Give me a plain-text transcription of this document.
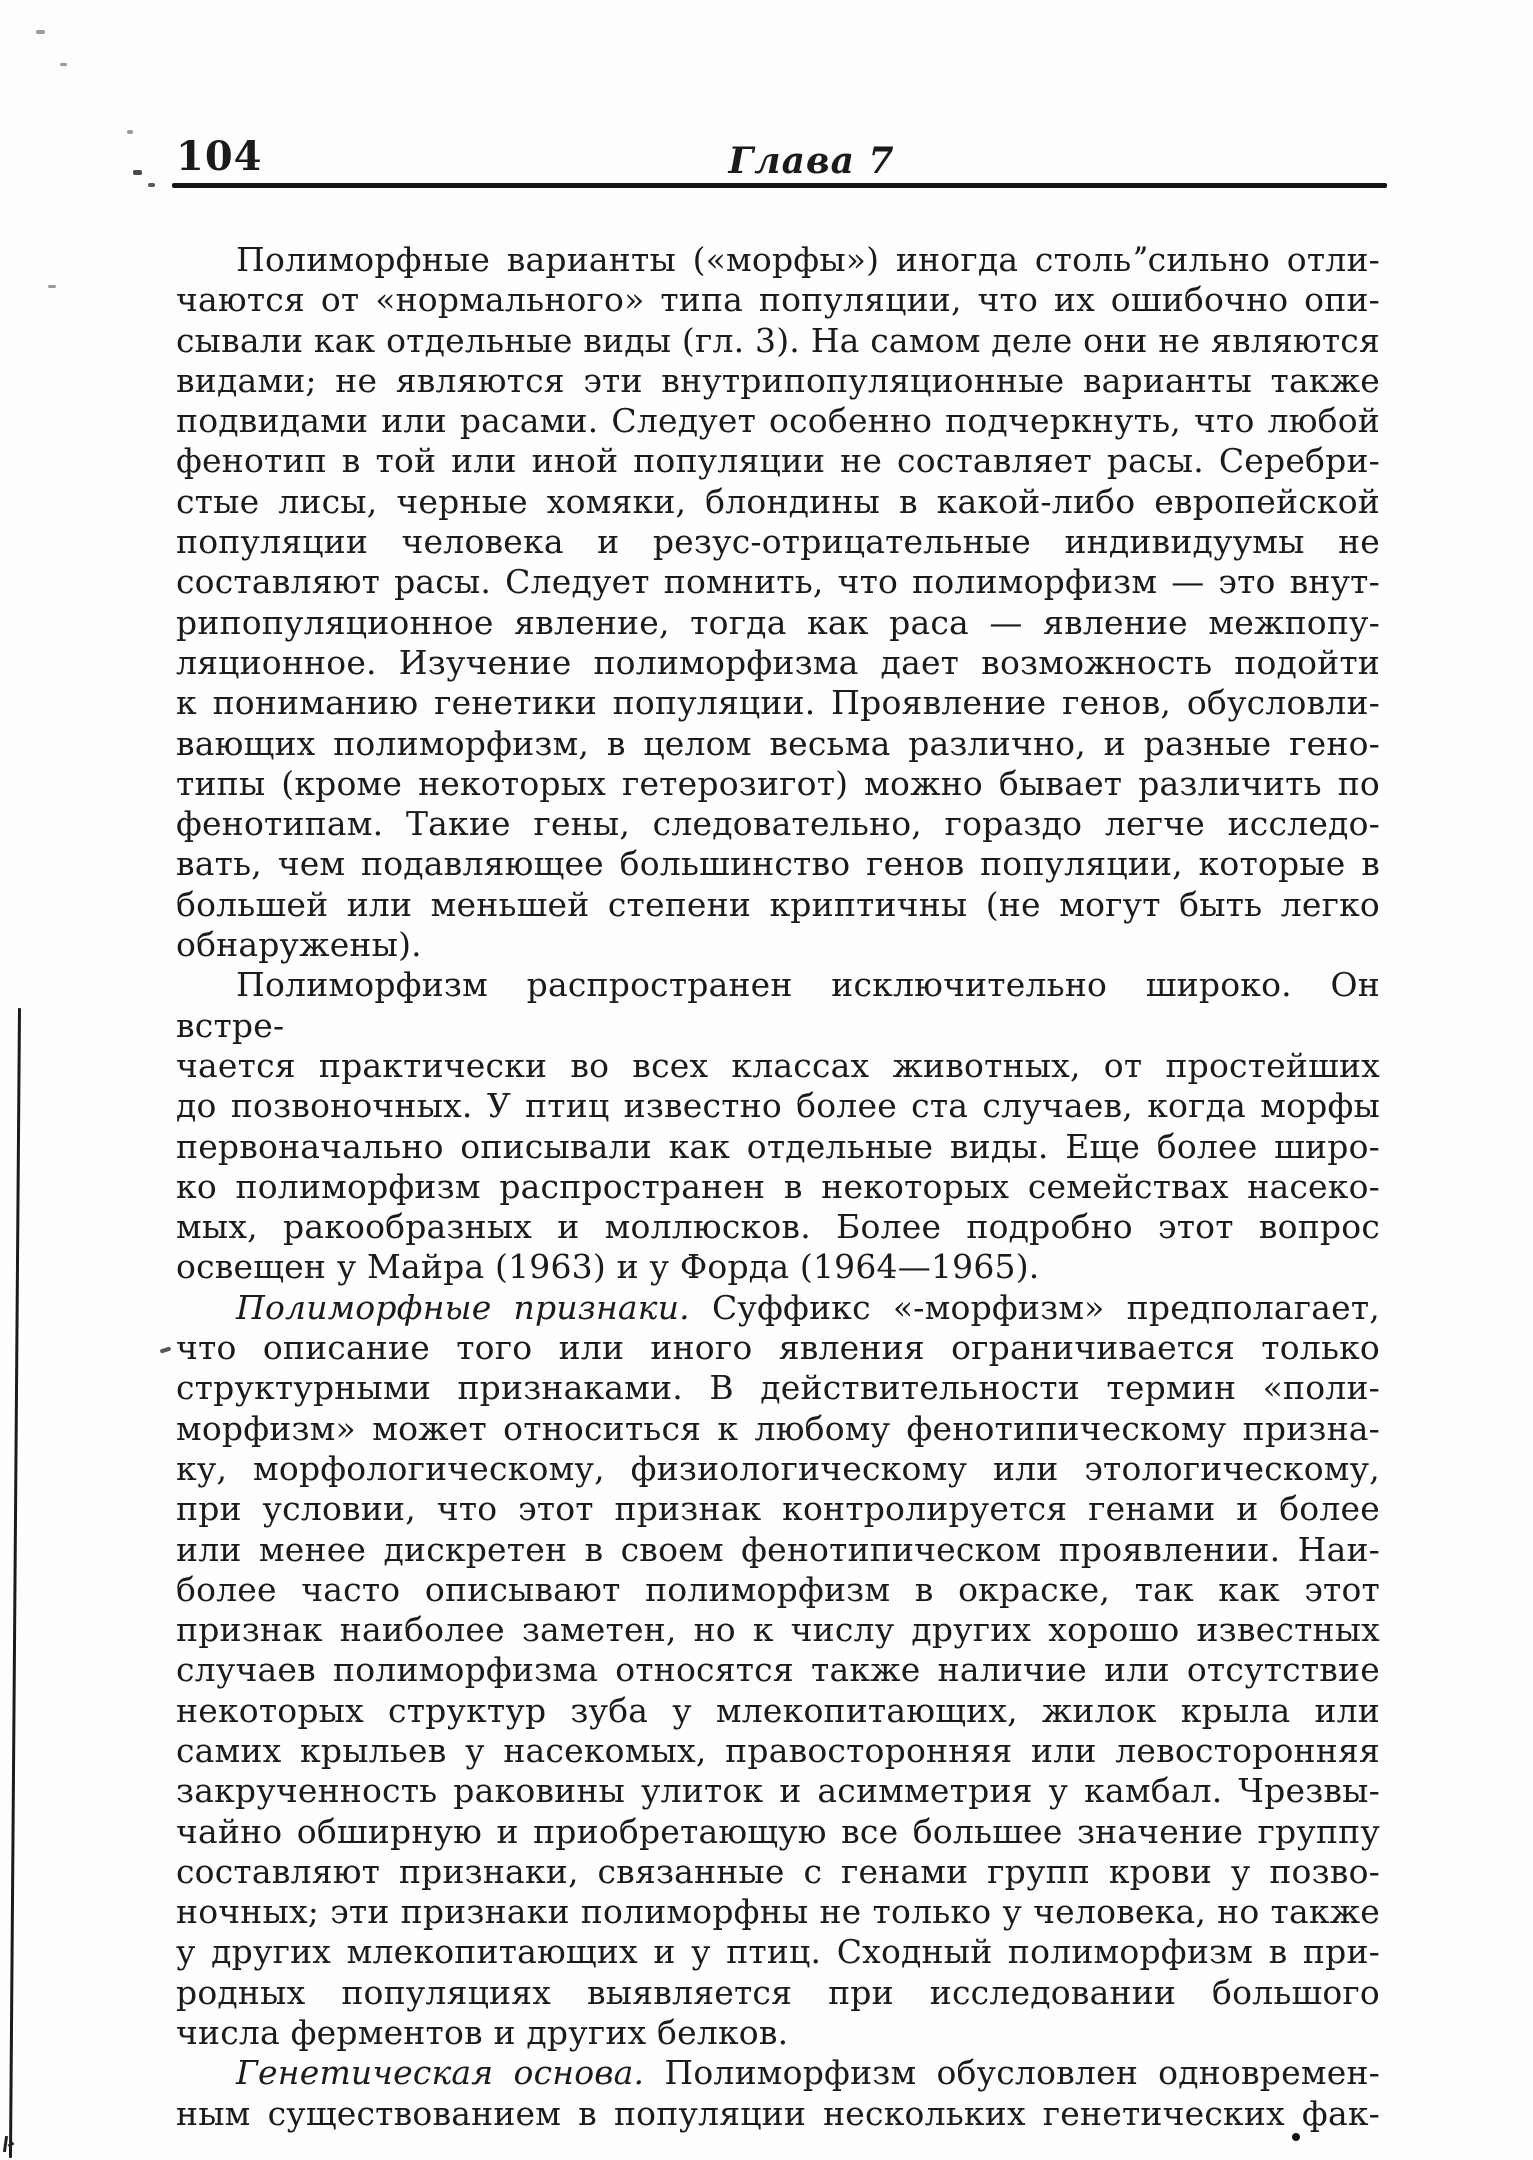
104	Глава 7
Полиморфные варианты («морфы») иногда стольˮсильно отли-
чаются от «нормального» типа популяции, что их ошибочно опи-
сывали как отдельные виды (гл. 3). На самом деле они не являются
видами; не являются эти внутрипопуляционные варианты также
подвидами или расами. Следует особенно подчеркнуть, что любой
фенотип в той или иной популяции не составляет расы. Серебри-
стые лисы, черные хомяки, блондины в какой-либо европейской
популяции человека и резус-отрицательные индивидуумы не
составляют расы. Следует помнить, что полиморфизм — это внут-
рипопуляционное явление, тогда как раса — явление межпопу-
ляционное. Изучение полиморфизма дает возможность подойти
к пониманию генетики популяции. Проявление генов, обусловли-
вающих полиморфизм, в целом весьма различно, и разные гено-
типы (кроме некоторых гетерозигот) можно бывает различить по
фенотипам. Такие гены, следовательно, гораздо легче исследо-
вать, чем подавляющее большинство генов популяции, которые в
большей или меньшей степени криптичны (не могут быть легко
обнаружены).
Полиморфизм распространен исключительно широко. Он встре-
чается практически во всех классах животных, от простейших
до позвоночных. У птиц известно более ста случаев, когда морфы
первоначально описывали как отдельные виды. Еще более широ-
ко полиморфизм распространен в некоторых семействах насеко-
мых, ракообразных и моллюсков. Более подробно этот вопрос
освещен у Майра (1963) и у Форда (1964—1965).
Полиморфные признаки. Суффикс «-морфизм» предполагает,
что описание того или иного явления ограничивается только
структурными признаками. В действительности термин «поли-
морфизм» может относиться к любому фенотипическому призна-
ку, морфологическому, физиологическому или этологическому,
при условии, что этот признак контролируется генами и более
или менее дискретен в своем фенотипическом проявлении. Наи-
более часто описывают полиморфизм в окраске, так как этот
признак наиболее заметен, но к числу других хорошо известных
случаев полиморфизма относятся также наличие или отсутствие
некоторых структур зуба у млекопитающих, жилок крыла или
самих крыльев у насекомых, правосторонняя или левосторонняя
закрученность раковины улиток и асимметрия у камбал. Чрезвы-
чайно обширную и приобретающую все большее значение группу
составляют признаки, связанные с генами групп крови у позво-
ночных; эти признаки полиморфны не только у человека, но также
у других млекопитающих и у птиц. Сходный полиморфизм в при-
родных популяциях выявляется при исследовании большого
числа ферментов и других белков.
Генетическая основа. Полиморфизм обусловлен одновремен-
ным существованием в популяции нескольких генетических фак-
